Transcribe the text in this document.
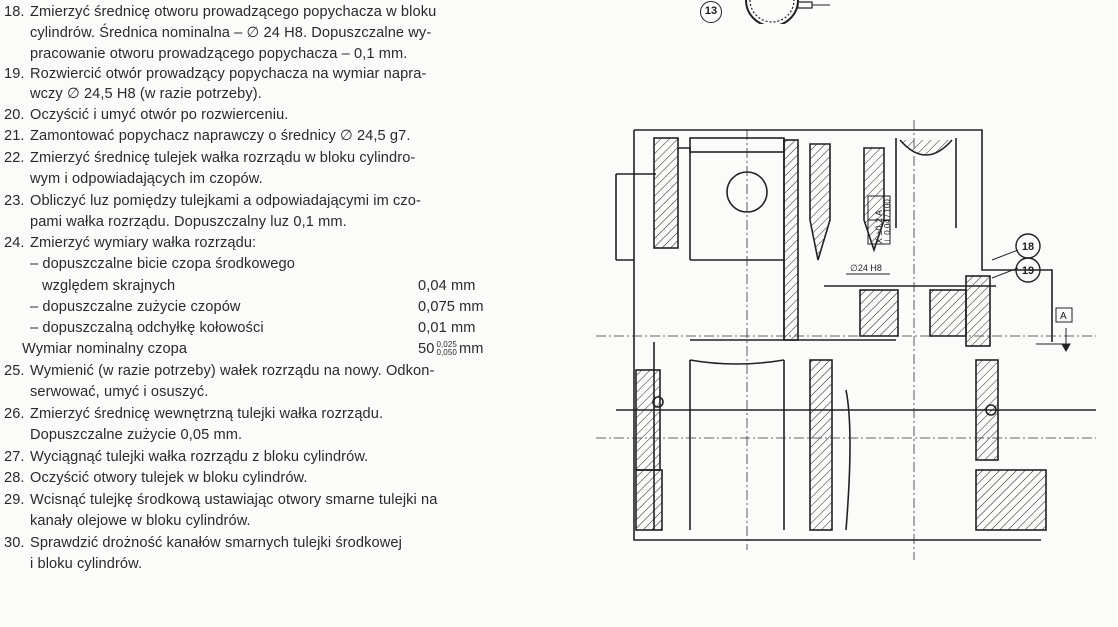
18. Zmierzyć średnicę otworu prowadzącego popychacza w bloku
cylindrów. Średnica nominalna – ∅ 24 H8. Dopuszczalne wy-
pracowanie otworu prowadzącego popychacza – 0,1 mm.
19. Rozwiercić otwór prowadzący popychacza na wymiar napra-
wczy ∅ 24,5 H8 (w razie potrzeby).
20. Oczyścić i umyć otwór po rozwierceniu.
21. Zamontować popychacz naprawczy o średnicy ∅ 24,5 g7.
22. Zmierzyć średnicę tulejek wałka rozrządu w bloku cylindro-
wym i odpowiadających im czopów.
23. Obliczyć luz pomiędzy tulejkami a odpowiadającymi im czo-
pami wałka rozrządu. Dopuszczalny luz 0,1 mm.
24. Zmierzyć wymiary wałka rozrządu:
– dopuszczalne bicie czopa środkowego
względem skrajnych	0,04 mm
– dopuszczalne zużycie czopów	0,075 mm
– dopuszczalną odchyłkę kołowości	0,01 mm
Wymiar nominalny czopa	50 0,025
0,050 mm
25. Wymienić (w razie potrzeby) wałek rozrządu na nowy. Odkon-
serwować, umyć i osuszyć.
26. Zmierzyć średnicę wewnętrzną tulejki wałka rozrządu.
Dopuszczalne zużycie 0,05 mm.
27. Wyciągnąć tulejki wałka rozrządu z bloku cylindrów.
28. Oczyścić otwory tulejek w bloku cylindrów.
29. Wcisnąć tulejkę środkową ustawiając otwory smarne tulejki na
kanały olejowe w bloku cylindrów.
30. Sprawdzić drożność kanałów smarnych tulejki środkowej
i bloku cylindrów.
13
X ±0,2 A ⊥ 0,04 / 100
∅24 H8
A
18
19
